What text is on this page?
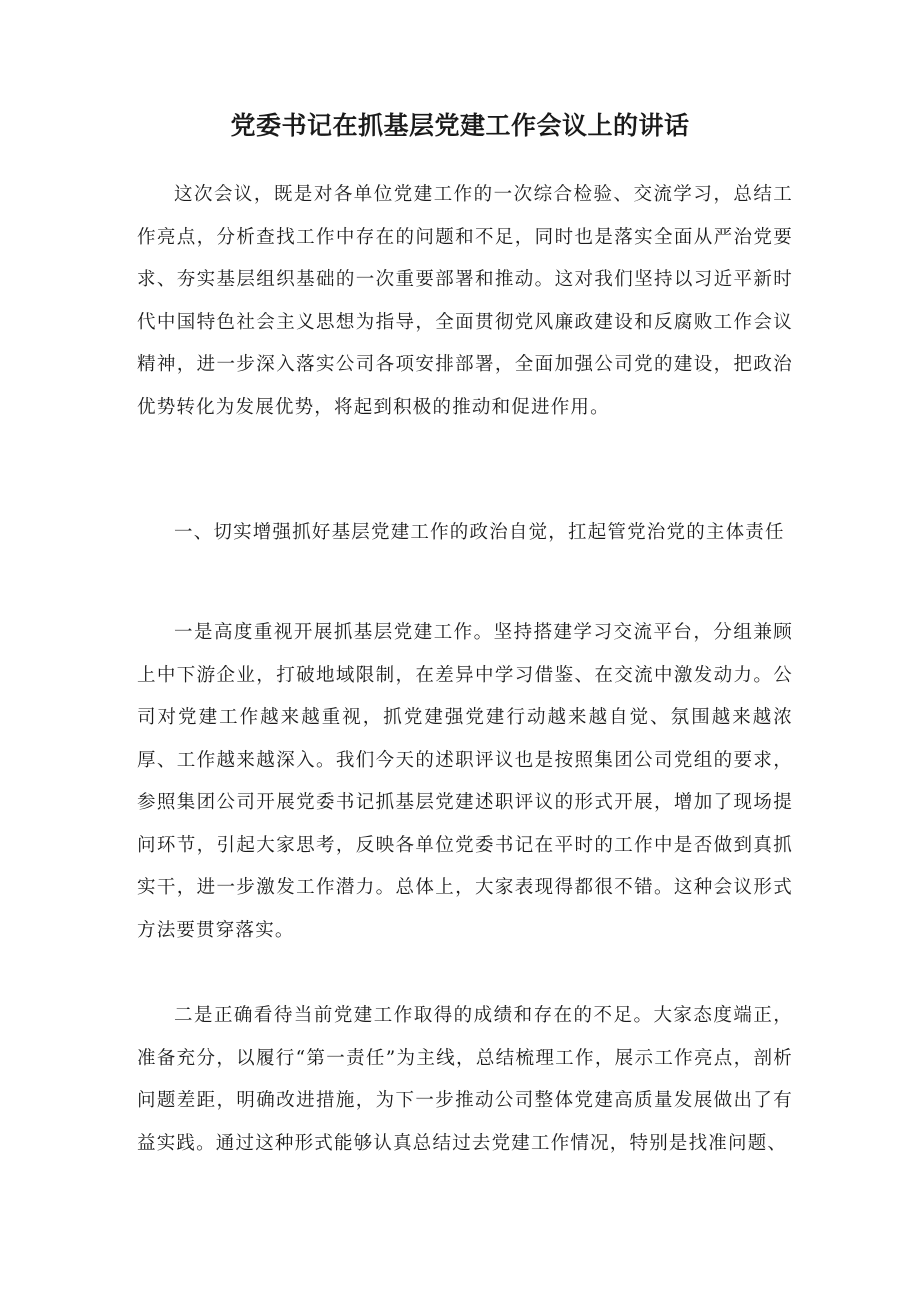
党委书记在抓基层党建工作会议上的讲话

这次会议，既是对各单位党建工作的一次综合检验、交流学习，总结工作亮点，分析查找工作中存在的问题和不足，同时也是落实全面从严治党要求、夯实基层组织基础的一次重要部署和推动。这对我们坚持以习近平新时代中国特色社会主义思想为指导，全面贯彻党风廉政建设和反腐败工作会议精神，进一步深入落实公司各项安排部署，全面加强公司党的建设，把政治优势转化为发展优势，将起到积极的推动和促进作用。

一、切实增强抓好基层党建工作的政治自觉，扛起管党治党的主体责任

一是高度重视开展抓基层党建工作。坚持搭建学习交流平台，分组兼顾上中下游企业，打破地域限制，在差异中学习借鉴、在交流中激发动力。公司对党建工作越来越重视，抓党建强党建行动越来越自觉、氛围越来越浓厚、工作越来越深入。我们今天的述职评议也是按照集团公司党组的要求，参照集团公司开展党委书记抓基层党建述职评议的形式开展，增加了现场提问环节，引起大家思考，反映各单位党委书记在平时的工作中是否做到真抓实干，进一步激发工作潜力。总体上，大家表现得都很不错。这种会议形式方法要贯穿落实。

二是正确看待当前党建工作取得的成绩和存在的不足。大家态度端正，准备充分，以履行“第一责任”为主线，总结梳理工作，展示工作亮点，剖析问题差距，明确改进措施，为下一步推动公司整体党建高质量发展做出了有益实践。通过这种形式能够认真总结过去党建工作情况，特别是找准问题、
